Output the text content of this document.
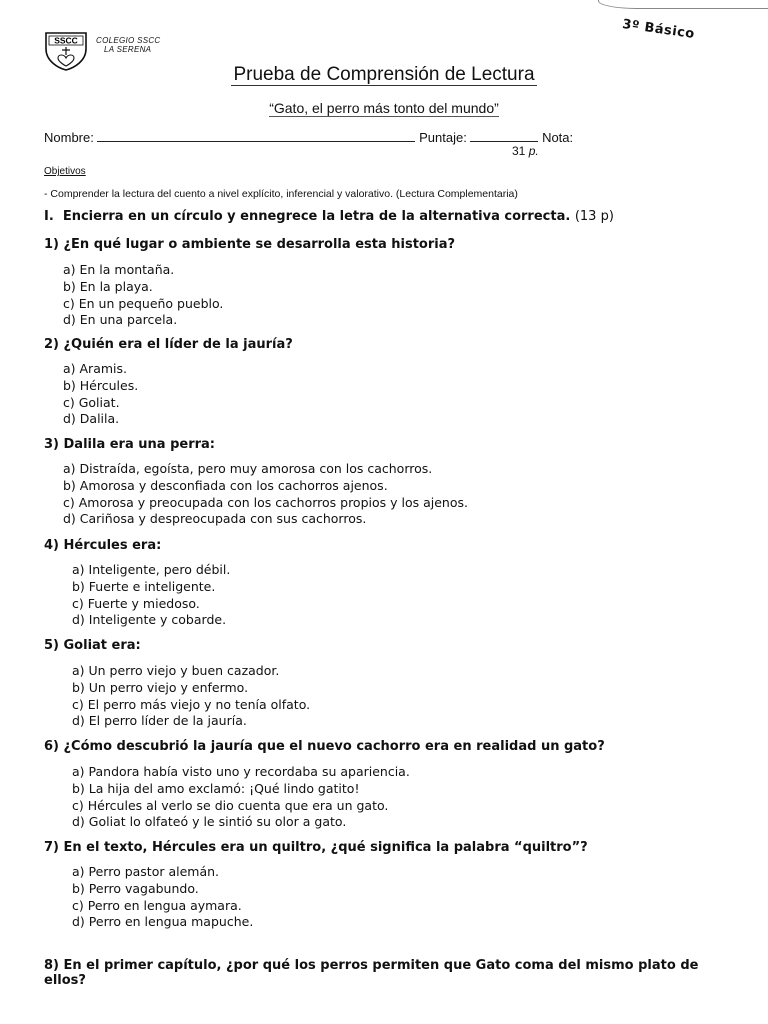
SSCC COLEGIO SSCC
LA SERENA
3º Básico
Prueba de Comprensión de Lectura
“Gato, el perro más tonto del mundo”
Nombre:	Puntaje:	Nota:
31 p.
Objetivos
- Comprender la lectura del cuento a nivel explícito, inferencial y valorativo. (Lectura Complementaria)
I. Encierra en un círculo y ennegrece la letra de la alternativa correcta. (13 p)
1) ¿En qué lugar o ambiente se desarrolla esta historia?
a) En la montaña.
b) En la playa.
c) En un pequeño pueblo.
d) En una parcela.
2) ¿Quién era el líder de la jauría?
a) Aramis.
b) Hércules.
c) Goliat.
d) Dalila.
3) Dalila era una perra:
a) Distraída, egoísta, pero muy amorosa con los cachorros.
b) Amorosa y desconfiada con los cachorros ajenos.
c) Amorosa y preocupada con los cachorros propios y los ajenos.
d) Cariñosa y despreocupada con sus cachorros.
4) Hércules era:
a) Inteligente, pero débil.
b) Fuerte e inteligente.
c) Fuerte y miedoso.
d) Inteligente y cobarde.
5) Goliat era:
a) Un perro viejo y buen cazador.
b) Un perro viejo y enfermo.
c) El perro más viejo y no tenía olfato.
d) El perro líder de la jauría.
6) ¿Cómo descubrió la jauría que el nuevo cachorro era en realidad un gato?
a) Pandora había visto uno y recordaba su apariencia.
b) La hija del amo exclamó: ¡Qué lindo gatito!
c) Hércules al verlo se dio cuenta que era un gato.
d) Goliat lo olfateó y le sintió su olor a gato.
7) En el texto, Hércules era un quiltro, ¿qué significa la palabra “quiltro”?
a) Perro pastor alemán.
b) Perro vagabundo.
c) Perro en lengua aymara.
d) Perro en lengua mapuche.
8) En el primer capítulo, ¿por qué los perros permiten que Gato coma del mismo plato de ellos?
